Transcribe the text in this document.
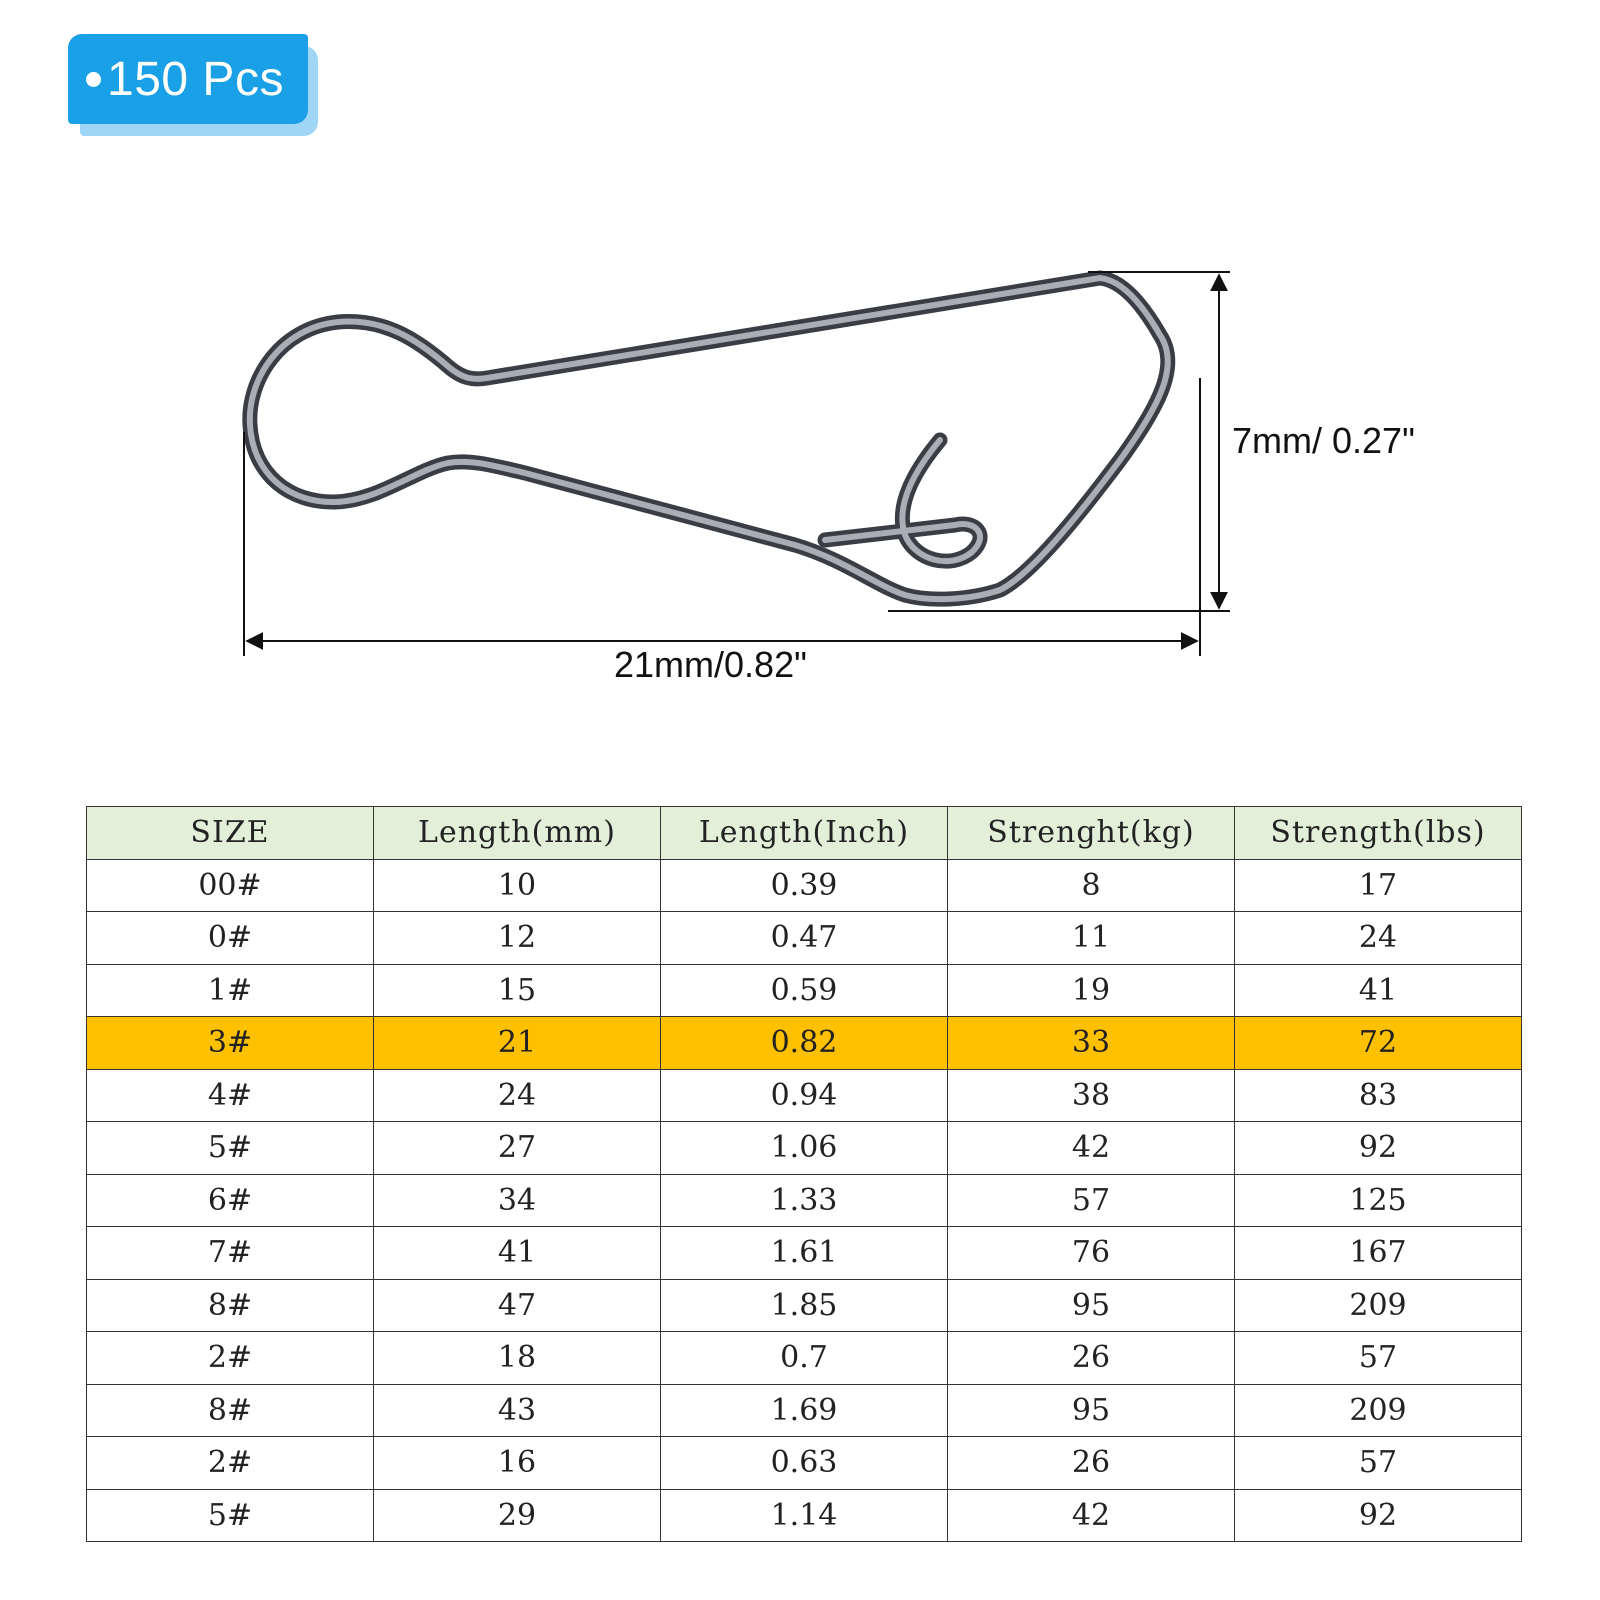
150 Pcs
21mm/0.82"
7mm/ 0.27"
SIZE	Length(mm)	Length(Inch)	Strenght(kg)	Strength(lbs)
00#	10	0.39	8	17
0#	12	0.47	11	24
1#	15	0.59	19	41
3#	21	0.82	33	72
4#	24	0.94	38	83
5#	27	1.06	42	92
6#	34	1.33	57	125
7#	41	1.61	76	167
8#	47	1.85	95	209
2#	18	0.7	26	57
8#	43	1.69	95	209
2#	16	0.63	26	57
5#	29	1.14	42	92
